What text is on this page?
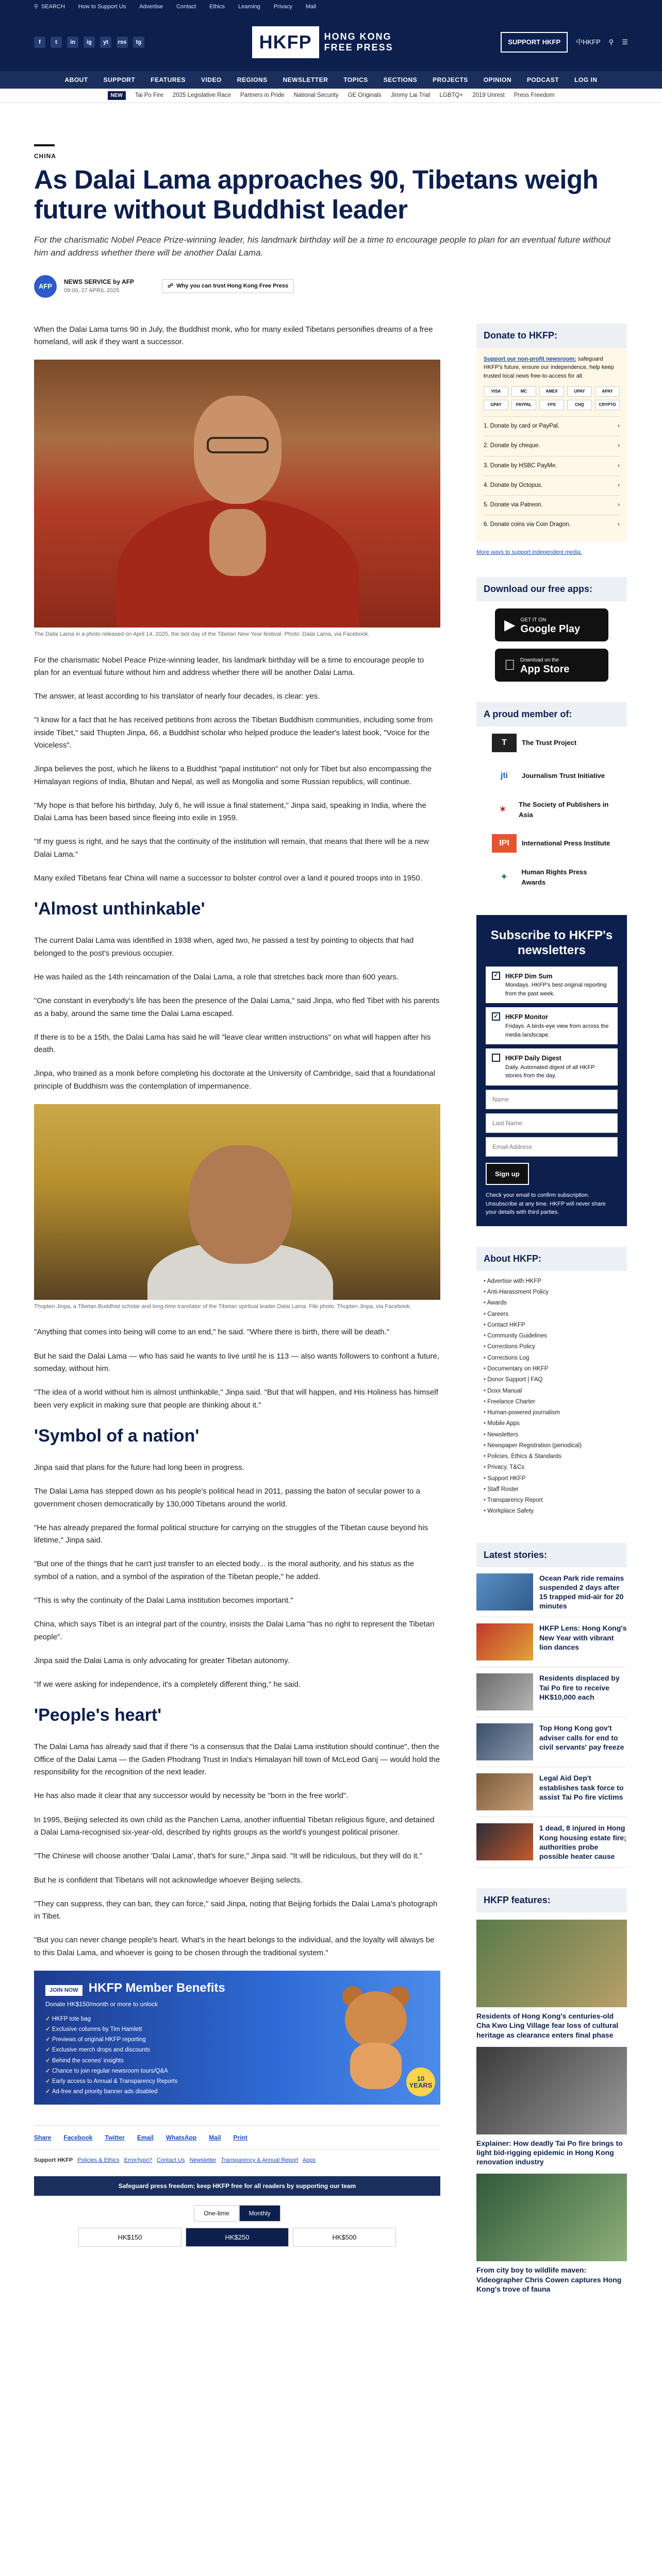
⚲ SEARCH How to Support Us Advertise Contact Ethics Learning Privacy Mail
f	t	in	ig	yt	rss	tg	HKFP	HONG KONG
FREE PRESS
SUPPORT HKFP	中HKFP ⚲ ☰
ABOUT	SUPPORT	FEATURES	VIDEO	REGIONS	NEWSLETTER	TOPICS	SECTIONS	PROJECTS	OPINION	PODCAST	LOG IN
NEW	Tai Po Fire 2025 Legislative Race Partners in Pride National Security GE Originals Jimmy Lai Trial LGBTQ+ 2019 Unrest Press Freedom
CHINA
As Dalai Lama approaches 90, Tibetans weigh future without Buddhist leader

For the charismatic Nobel Peace Prize-winning leader, his landmark birthday will be a time to encourage people to plan for an eventual future without him and address whether there will be another Dalai Lama.

AFP
NEWS SERVICE by AFP
09:00, 27 APRIL 2025
☍ Why you can trust Hong Kong Free Press

When the Dalai Lama turns 90 in July, the Buddhist monk, who for many exiled Tibetans personifies dreams of a free homeland, will ask if they want a successor.

The Dalai Lama in a photo released on April 14, 2025, the last day of the Tibetan New Year festival. Photo: Dalai Lama, via Facebook.

For the charismatic Nobel Peace Prize-winning leader, his landmark birthday will be a time to encourage people to plan for an eventual future without him and address whether there will be another Dalai Lama.

The answer, at least according to his translator of nearly four decades, is clear: yes.

"I know for a fact that he has received petitions from across the Tibetan Buddhism communities, including some from inside Tibet," said Thupten Jinpa, 66, a Buddhist scholar who helped produce the leader's latest book, "Voice for the Voiceless".

Jinpa believes the post, which he likens to a Buddhist "papal institution" not only for Tibet but also encompassing the Himalayan regions of India, Bhutan and Nepal, as well as Mongolia and some Russian republics, will continue.

"My hope is that before his birthday, July 6, he will issue a final statement," Jinpa said, speaking in India, where the Dalai Lama has been based since fleeing into exile in 1959.

"If my guess is right, and he says that the continuity of the institution will remain, that means that there will be a new Dalai Lama."

Many exiled Tibetans fear China will name a successor to bolster control over a land it poured troops into in 1950.

'Almost unthinkable'

The current Dalai Lama was identified in 1938 when, aged two, he passed a test by pointing to objects that had belonged to the post's previous occupier.

He was hailed as the 14th reincarnation of the Dalai Lama, a role that stretches back more than 600 years.

"One constant in everybody's life has been the presence of the Dalai Lama," said Jinpa, who fled Tibet with his parents as a baby, around the same time the Dalai Lama escaped.

If there is to be a 15th, the Dalai Lama has said he will "leave clear written instructions" on what will happen after his death.

Jinpa, who trained as a monk before completing his doctorate at the University of Cambridge, said that a foundational principle of Buddhism was the contemplation of impermanence.

Thupten Jinpa, a Tibetan Buddhist scholar and long-time translator of the Tibetan spiritual leader Dalai Lama. File photo: Thupten Jinpa, via Facebook.

"Anything that comes into being will come to an end," he said. "Where there is birth, there will be death."

But he said the Dalai Lama — who has said he wants to live until he is 113 — also wants followers to confront a future, someday, without him.

"The idea of a world without him is almost unthinkable," Jinpa said. "But that will happen, and His Holiness has himself been very explicit in making sure that people are thinking about it."

'Symbol of a nation'

Jinpa said that plans for the future had long been in progress.

The Dalai Lama has stepped down as his people's political head in 2011, passing the baton of secular power to a government chosen democratically by 130,000 Tibetans around the world.

"He has already prepared the formal political structure for carrying on the struggles of the Tibetan cause beyond his lifetime," Jinpa said.

"But one of the things that he can't just transfer to an elected body... is the moral authority, and his status as the symbol of a nation, and a symbol of the aspiration of the Tibetan people," he added.

"This is why the continuity of the Dalai Lama institution becomes important."

China, which says Tibet is an integral part of the country, insists the Dalai Lama "has no right to represent the Tibetan people".

Jinpa said the Dalai Lama is only advocating for greater Tibetan autonomy.

"If we were asking for independence, it's a completely different thing," he said.

'People's heart'

The Dalai Lama has already said that if there "is a consensus that the Dalai Lama institution should continue", then the Office of the Dalai Lama — the Gaden Phodrang Trust in India's Himalayan hill town of McLeod Ganj — would hold the responsibility for the recognition of the next leader.

He has also made it clear that any successor would by necessity be "born in the free world".

In 1995, Beijing selected its own child as the Panchen Lama, another influential Tibetan religious figure, and detained a Dalai Lama-recognised six-year-old, described by rights groups as the world's youngest political prisoner.

"The Chinese will choose another 'Dalai Lama', that's for sure," Jinpa said. "It will be ridiculous, but they will do it."

But he is confident that Tibetans will not acknowledge whoever Beijing selects.

"They can suppress, they can ban, they can force," said Jinpa, noting that Beijing forbids the Dalai Lama's photograph in Tibet.

"But you can never change people's heart. What's in the heart belongs to the individual, and the loyalty will always be to this Dalai Lama, and whoever is going to be chosen through the traditional system."

JOIN NOW HKFP Member Benefits
Donate HK$150/month or more to unlock
✓ HKFP tote bag
✓ Exclusive columns by Tim Hamlett
✓ Previews of original HKFP reporting
✓ Exclusive merch drops and discounts
✓ Behind the scenes' insights
✓ Chance to join regular newsroom tours/Q&A
✓ Early access to Annual & Transparency Reports
✓ Ad-free and priority banner ads disabled
10 YEARS
Share Facebook Twitter Email WhatsApp Mail Print
Support HKFP Policies & Ethics Error/typo? Contact Us Newsletter Transparency & Annual Report Apps
Safeguard press freedom; keep HKFP free for all readers by supporting our team
One-time	Monthly
HK$150	HK$250	HK$500
Donate to HKFP:
Support our non-profit newsroom: safeguard HKFP's future, ensure our independence, help keep trusted local news free-to-access for all.
VISA	MC	AMEX	UPAY	APAY
GPAY	PAYPAL	FPS	CHQ	CRYPTO
1. Donate by card or PayPal.	›
2. Donate by cheque.	›
3. Donate by HSBC PayMe.	›
4. Donate by Octopus.	›
5. Donate via Patreon.	›
6. Donate coins via Coin Dragon.	›
More ways to support independent media.
Download our free apps:
▶ GET IT ON
Google Play
Download on the
App Store
A proud member of:
T	The Trust Project
jti	Journalism Trust Initiative
✶
The Society of Publishers in Asia
IPI	International Press Institute
✦
Human Rights Press Awards
Subscribe to HKFP's newsletters
✓ HKFP Dim Sum
Mondays. HKFP's best original reporting from the past week.
✓ HKFP Monitor
Fridays. A birds-eye view from across the media landscape.
HKFP Daily Digest
Daily. Automated digest of all HKFP stories from the day.
Name
Last Name
Email Address
Sign up
Check your email to confirm subscription. Unsubscribe at any time. HKFP will never share your details with third parties.
About HKFP:
• Advertise with HKFP
• Anti-Harassment Policy
• Awards
• Careers
• Contact HKFP
• Community Guidelines
• Corrections Policy
• Corrections Log
• Documentary on HKFP
• Donor Support | FAQ
• Doxx Manual
• Freelance Charter
• Human-powered journalism
• Mobile Apps
• Newsletters
• Newspaper Registration (periodical)
• Policies, Ethics & Standards
• Privacy, T&Cs
• Support HKFP
• Staff Roster
• Transparency Report
• Workplace Safety
Latest stories:
Ocean Park ride remains suspended 2 days after 15 trapped mid-air for 20 minutes
HKFP Lens: Hong Kong's New Year with vibrant lion dances
Residents displaced by Tai Po fire to receive HK$10,000 each
Top Hong Kong gov't adviser calls for end to civil servants' pay freeze
Legal Aid Dep't establishes task force to assist Tai Po fire victims
1 dead, 8 injured in Hong Kong housing estate fire; authorities probe possible heater cause
HKFP features:
Residents of Hong Kong's centuries-old Cha Kwo Ling Village fear loss of cultural heritage as clearance enters final phase
Explainer: How deadly Tai Po fire brings to light bid-rigging epidemic in Hong Kong renovation industry
From city boy to wildlife maven: Videographer Chris Cowen captures Hong Kong's trove of fauna
